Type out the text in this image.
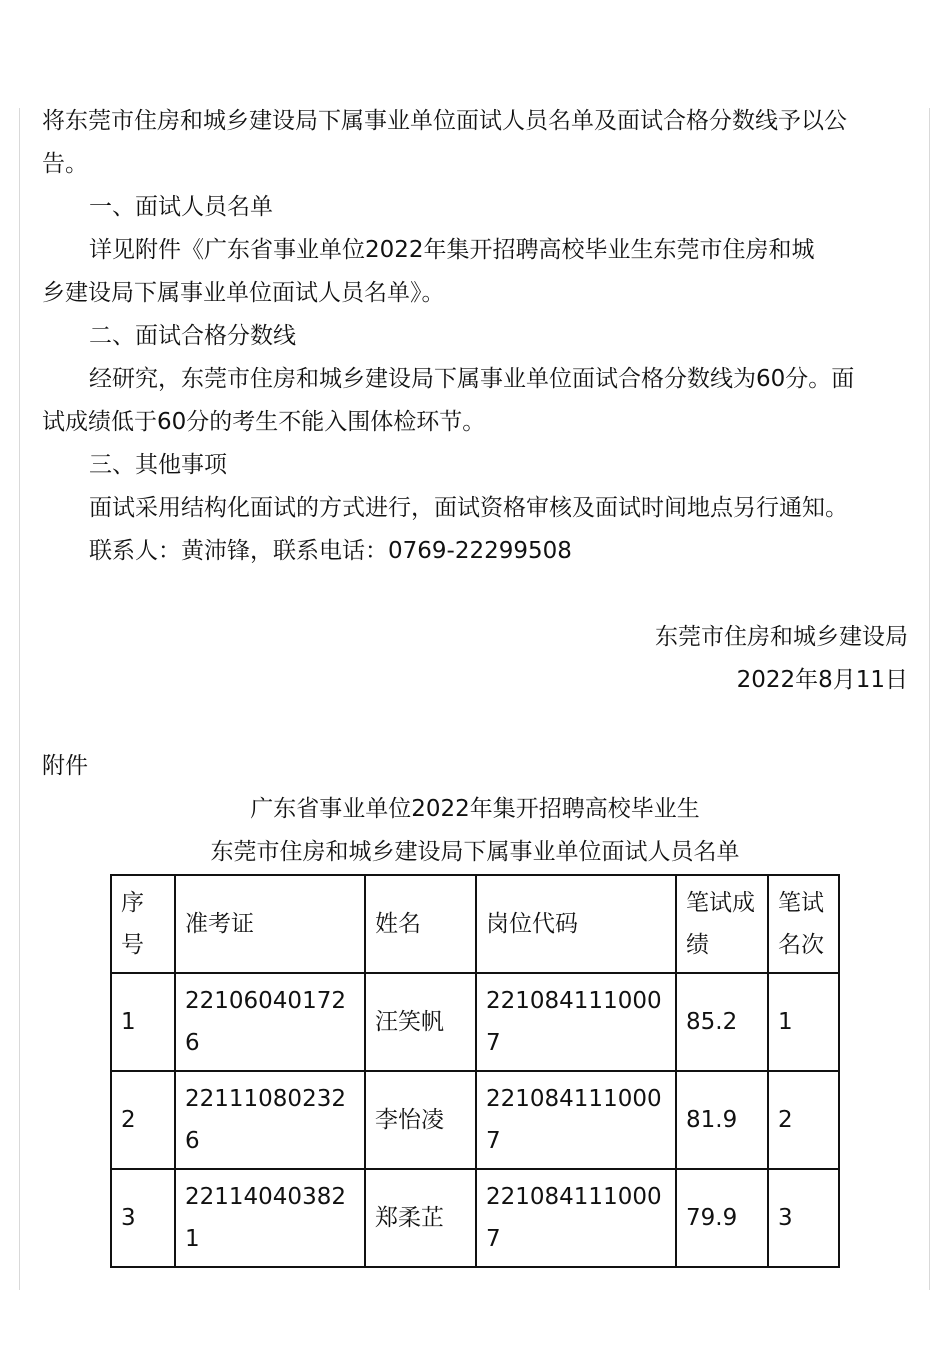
将东莞市住房和城乡建设局下属事业单位面试人员名单及面试合格分数线予以公
告。
一、面试人员名单
详见附件《广东省事业单位2022年集开招聘高校毕业生东莞市住房和城
乡建设局下属事业单位面试人员名单》。
二、面试合格分数线
经研究，东莞市住房和城乡建设局下属事业单位面试合格分数线为60分。面
试成绩低于60分的考生不能入围体检环节。
三、其他事项
面试采用结构化面试的方式进行，面试资格审核及面试时间地点另行通知。
联系人：黄沛锋，联系电话：0769-22299508
东莞市住房和城乡建设局
2022年8月11日
附件
广东省事业单位2022年集开招聘高校毕业生
东莞市住房和城乡建设局下属事业单位面试人员名单
序号	准考证	姓名	岗位代码	笔试成绩	笔试名次
1	221060401726	汪笑帆	2210841110007	85.2	1
2	221110802326	李怡凌	2210841110007	81.9	2
3	221140403821	郑柔芷	2210841110007	79.9	3
